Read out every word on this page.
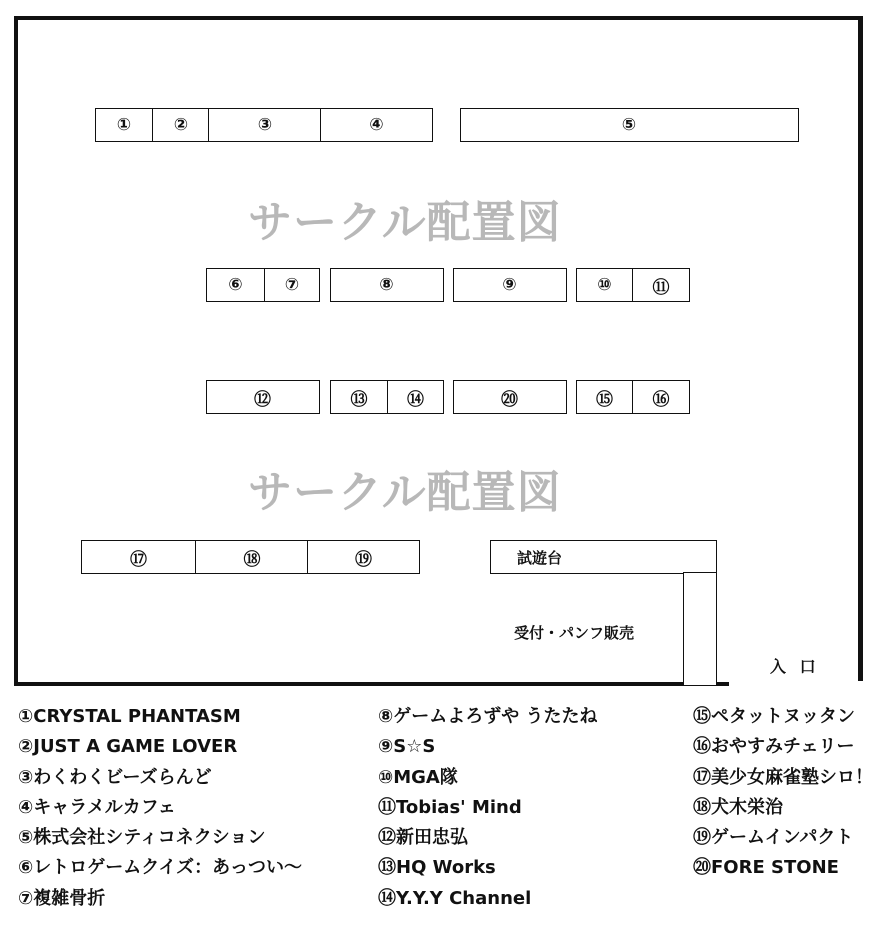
①	②	③	④	⑤
サークル配置図
⑥	⑦	⑧	⑨	⑩	⑪
⑫	⑬	⑭	⑳	⑮	⑯
サークル配置図
⑰	⑱	⑲	試遊台
受付・パンフ販売
入 口
①CRYSTAL PHANTASM
②JUST A GAME LOVER
③わくわくビーズらんど
④キャラメルカフェ
⑤株式会社シティコネクション
⑥レトロゲームクイズ：あっつい～
⑦複雑骨折
⑧ゲームよろずや うたたね
⑨S☆S
⑩MGA隊
⑪Tobias' Mind
⑫新田忠弘
⑬HQ Works
⑭Y.Y.Y Channel
⑮ペタットヌッタン
⑯おやすみチェリー
⑰美少女麻雀塾シロ！
⑱犬木栄治
⑲ゲームインパクト
⑳FORE STONE
